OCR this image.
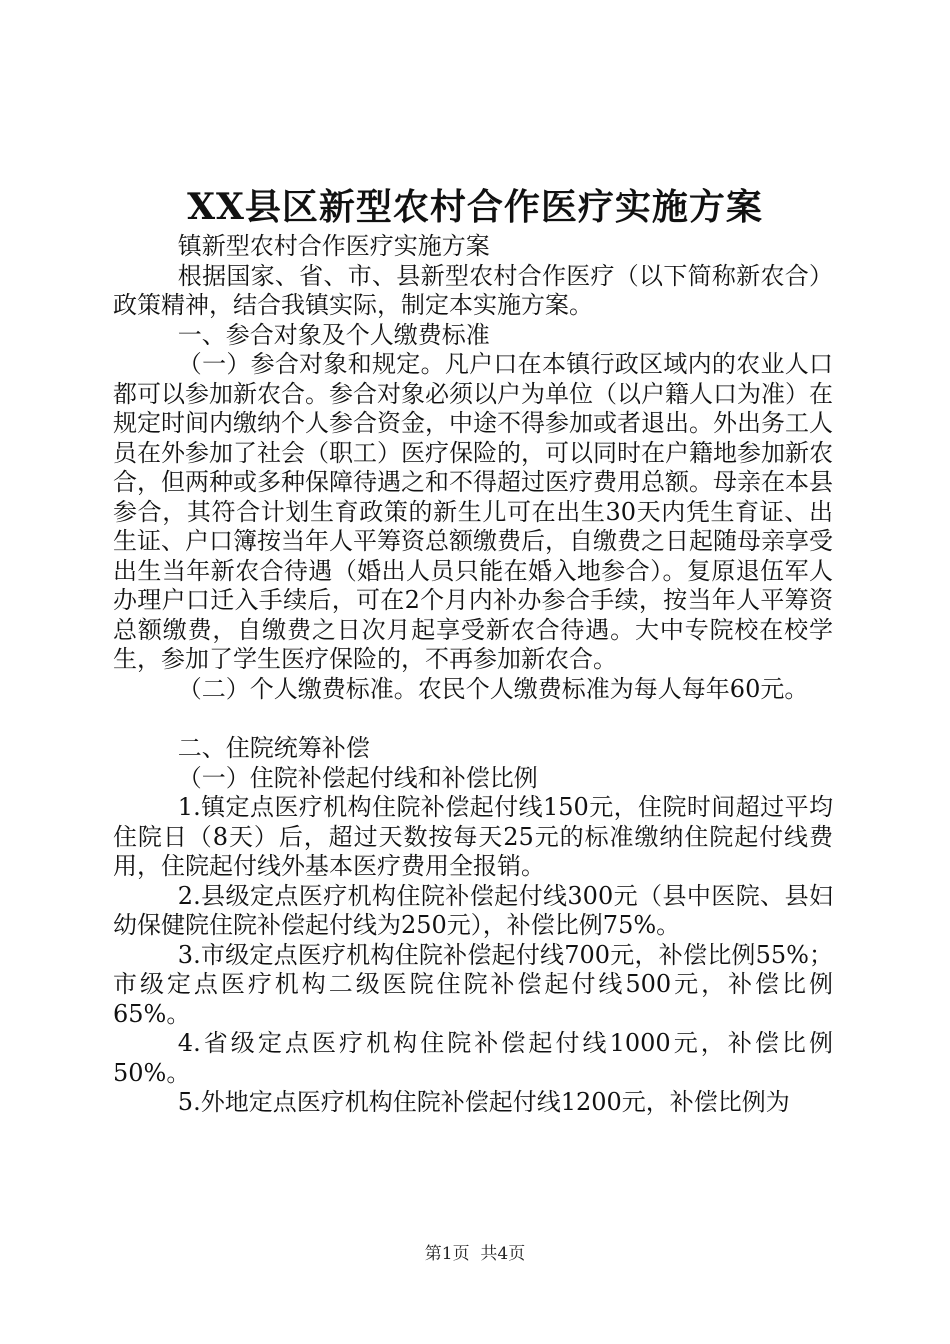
XX县区新型农村合作医疗实施方案

镇新型农村合作医疗实施方案

根据国家、省、市、县新型农村合作医疗（以下简称新农合）政策精神，结合我镇实际，制定本实施方案。

一、参合对象及个人缴费标准

（一）参合对象和规定。凡户口在本镇行政区域内的农业人口都可以参加新农合。参合对象必须以户为单位（以户籍人口为准）在规定时间内缴纳个人参合资金，中途不得参加或者退出。外出务工人员在外参加了社会（职工）医疗保险的，可以同时在户籍地参加新农合，但两种或多种保障待遇之和不得超过医疗费用总额。母亲在本县参合，其符合计划生育政策的新生儿可在出生30天内凭生育证、出生证、户口簿按当年人平筹资总额缴费后，自缴费之日起随母亲享受出生当年新农合待遇（婚出人员只能在婚入地参合）。复原退伍军人办理户口迁入手续后，可在2个月内补办参合手续，按当年人平筹资总额缴费，自缴费之日次月起享受新农合待遇。大中专院校在校学生，参加了学生医疗保险的，不再参加新农合。

（二）个人缴费标准。农民个人缴费标准为每人每年60元。

二、住院统筹补偿

（一）住院补偿起付线和补偿比例

1.镇定点医疗机构住院补偿起付线150元，住院时间超过平均住院日（8天）后，超过天数按每天25元的标准缴纳住院起付线费用，住院起付线外基本医疗费用全报销。

2.县级定点医疗机构住院补偿起付线300元（县中医院、县妇幼保健院住院补偿起付线为250元），补偿比例75%。

3.市级定点医疗机构住院补偿起付线700元，补偿比例55%；市级定点医疗机构二级医院住院补偿起付线500元，补偿比例65%。

4.省级定点医疗机构住院补偿起付线1000元，补偿比例50%。

5.外地定点医疗机构住院补偿起付线1200元，补偿比例为

第1页 共4页
